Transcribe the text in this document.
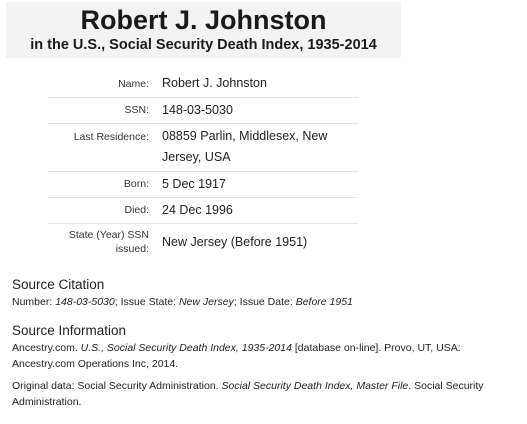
Robert J. Johnston
in the U.S., Social Security Death Index, 1935-2014
Name:	Robert J. Johnston
SSN:	148-03-5030
Last Residence:	08859 Parlin, Middlesex, New Jersey, USA
Born:	5 Dec 1917
Died:	24 Dec 1996
State (Year) SSN issued:	New Jersey (Before 1951)
Source Citation
Number: 148-03-5030; Issue State: New Jersey; Issue Date: Before 1951
Source Information
Ancestry.com. U.S., Social Security Death Index, 1935-2014 [database on-line]. Provo, UT, USA: Ancestry.com Operations Inc, 2014.
Original data: Social Security Administration. Social Security Death Index, Master File. Social Security Administration.
